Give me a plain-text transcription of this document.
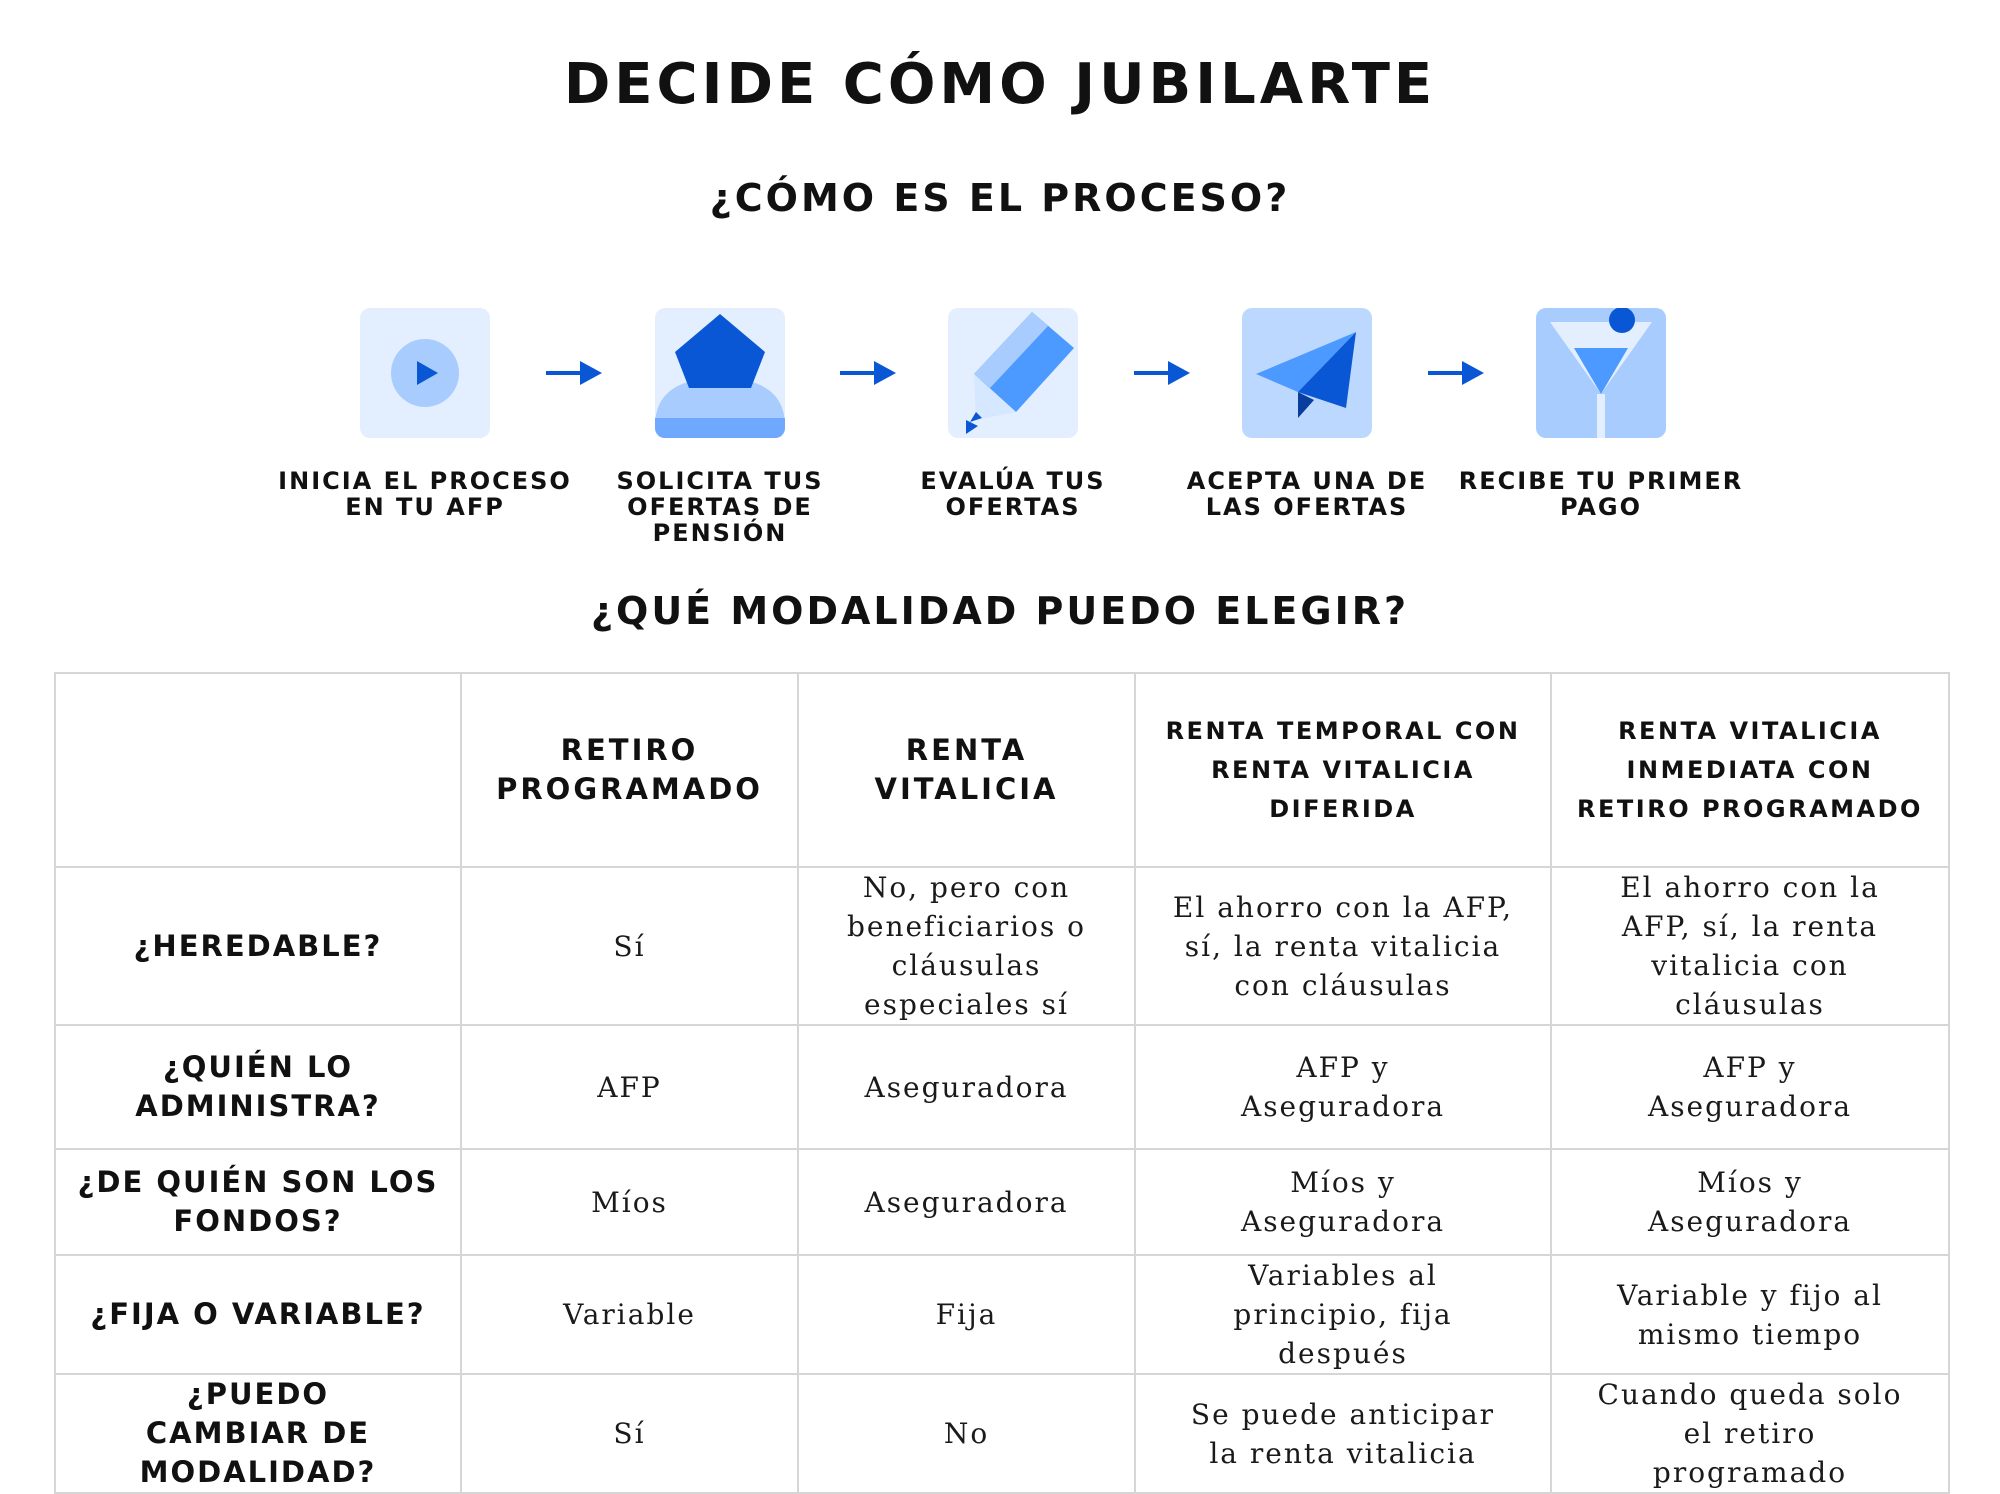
DECIDE CÓMO JUBILARTE
¿CÓMO ES EL PROCESO?
INICIA EL PROCESO
EN TU AFP
SOLICITA TUS
OFERTAS DE PENSIÓN
EVALÚA TUS
OFERTAS
ACEPTA UNA DE
LAS OFERTAS
RECIBE TU PRIMER
PAGO
¿QUÉ MODALIDAD PUEDO ELEGIR?
	RETIRO PROGRAMADO	RENTA VITALICIA	RENTA TEMPORAL CON RENTA VITALICIA DIFERIDA	RENTA VITALICIA INMEDIATA CON RETIRO PROGRAMADO
¿HEREDABLE?	Sí	No, pero con beneficiarios o cláusulas especiales sí	El ahorro con la AFP, sí, la renta vitalicia con cláusulas	El ahorro con la AFP, sí, la renta vitalicia con cláusulas
¿QUIÉN LO ADMINISTRA?	AFP	Aseguradora	AFP y Aseguradora	AFP y Aseguradora
¿DE QUIÉN SON LOS FONDOS?	Míos	Aseguradora	Míos y Aseguradora	Míos y Aseguradora
¿FIJA O VARIABLE?	Variable	Fija	Variables al principio, fija después	Variable y fijo al mismo tiempo
¿PUEDO CAMBIAR DE MODALIDAD?	Sí	No	Se puede anticipar la renta vitalicia	Cuando queda solo el retiro programado
